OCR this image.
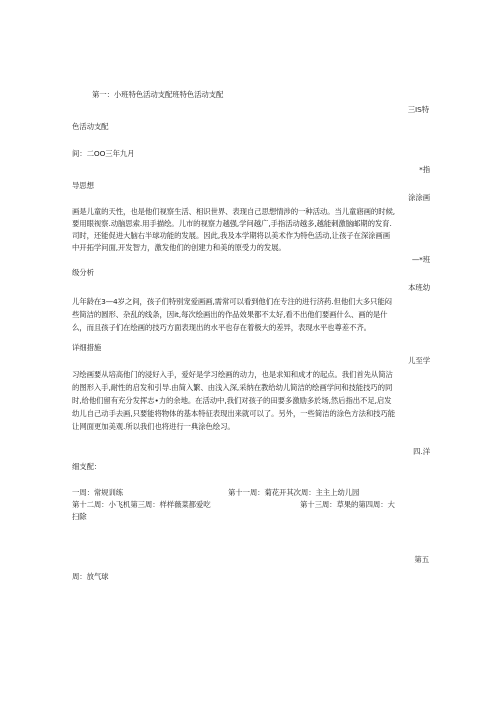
第一：小班特色活动支配班特色活动支配
三IS特
色活动支配
间：二OO三年九月
*指
导思想
涂涂画
画是儿童的天性，也是他们视察生活、相识世界、表现自己思想情涉的一种活动。当儿童寤画的时候,
要用眼视察.动脑思索.用手描绘。儿市的视察力越强,学问越广,手指活动越多,越能刺激脑邮期的发育.
司时，还能促进大脑右半球功能的发展。因此,我及本学期将以美术作为特色活动,让孩子在深涂画画
中开拓学问面,开发智力，激发他们的创建力和美的原受力的发展。
—*班
级分析
本班幼
儿年龄在3—4岁之间，孩子们特别宠爱画画,需常可以看到他们在专注的进行济药.但他们大多只能闷
些简洁的圆形、杂乱的线条，因it,每次绘画出的作品效果都不太好,看不出他们要画什么、画的是什
么，而且孩子们在绘画的技巧方面表现出的水平也存在着极大的差异，表现水平也尊差不齐。
详细措施
儿至学
习绘画要从培高他门的浸好入手，爱好是学习绘画的动力，也是求知和成才的起点。我们首先从简沾
的图形入手,耐性的启发和引导.由简入繁、由浅入深,采纳在教给幼儿简洁的绘画学问和技能技巧的同
时,给他们留有充分发挥志•力的余地。在活动中,我们对孩子的田要多激励多於场,然后指出不足,启发
幼儿自己动手去画,只要能将物体的基本特征表现出来就可以了。另外，一些简洁的涂色方法和技巧能
让网面更加美观.所以我们也将进行一典涂色绘习。
四.洋
细支配：
一周：常规训练	第十一周：菊花开其次周：主主上幼儿园
第十二周：小飞机第三周：样样薇菜都爱吃	第十三周：草果的第四周：大
扫除
第五
周：放气球
